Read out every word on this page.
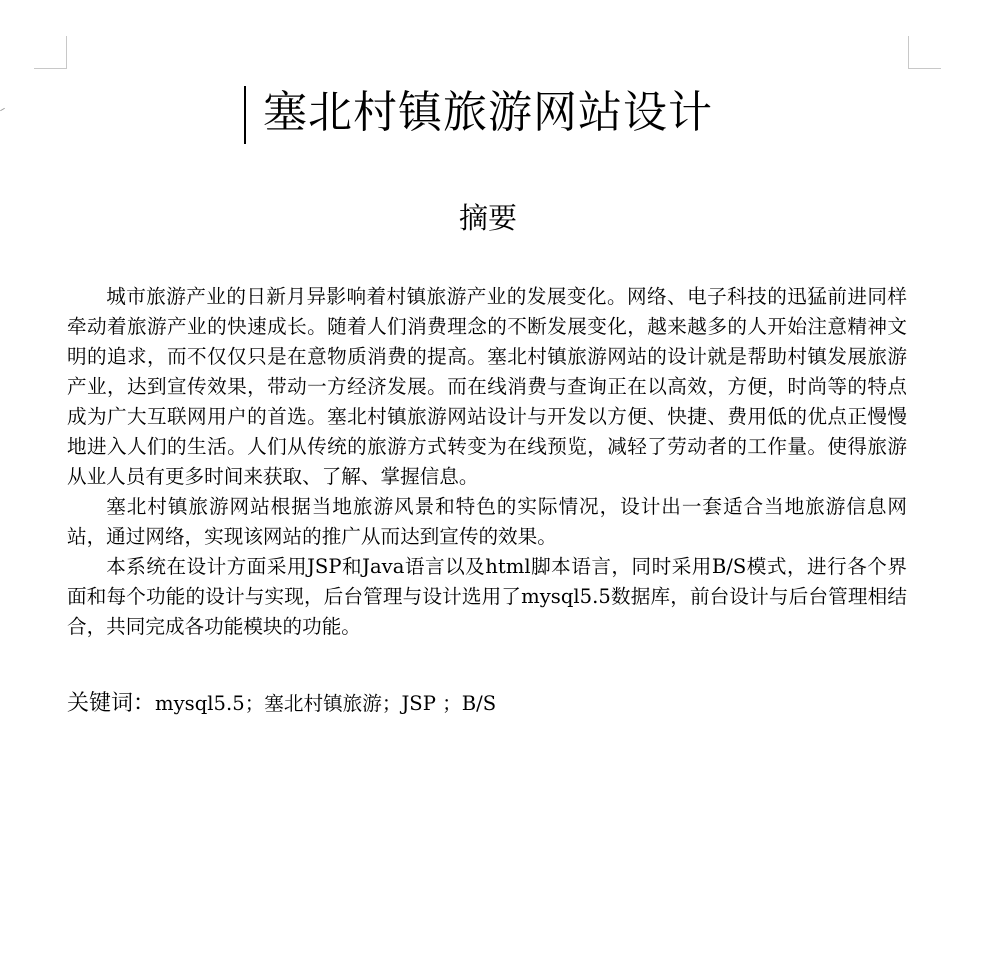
塞北村镇旅游网站设计
摘要

城市旅游产业的日新月异影响着村镇旅游产业的发展变化。网络、电子科技的迅猛前进同样牵动着旅游产业的快速成长。随着人们消费理念的不断发展变化，越来越多的人开始注意精神文明的追求，而不仅仅只是在意物质消费的提高。塞北村镇旅游网站的设计就是帮助村镇发展旅游产业，达到宣传效果，带动一方经济发展。而在线消费与查询正在以高效，方便，时尚等的特点成为广大互联网用户的首选。塞北村镇旅游网站设计与开发以方便、快捷、费用低的优点正慢慢地进入人们的生活。人们从传统的旅游方式转变为在线预览，减轻了劳动者的工作量。使得旅游从业人员有更多时间来获取、了解、掌握信息。

塞北村镇旅游网站根据当地旅游风景和特色的实际情况，设计出一套适合当地旅游信息网站，通过网络，实现该网站的推广从而达到宣传的效果。

本系统在设计方面采用JSP和Java语言以及html脚本语言，同时采用B/S模式，进行各个界面和每个功能的设计与实现，后台管理与设计选用了mysql5.5数据库，前台设计与后台管理相结合，共同完成各功能模块的功能。

关键词：mysql5.5；塞北村镇旅游；JSP ；B/S
